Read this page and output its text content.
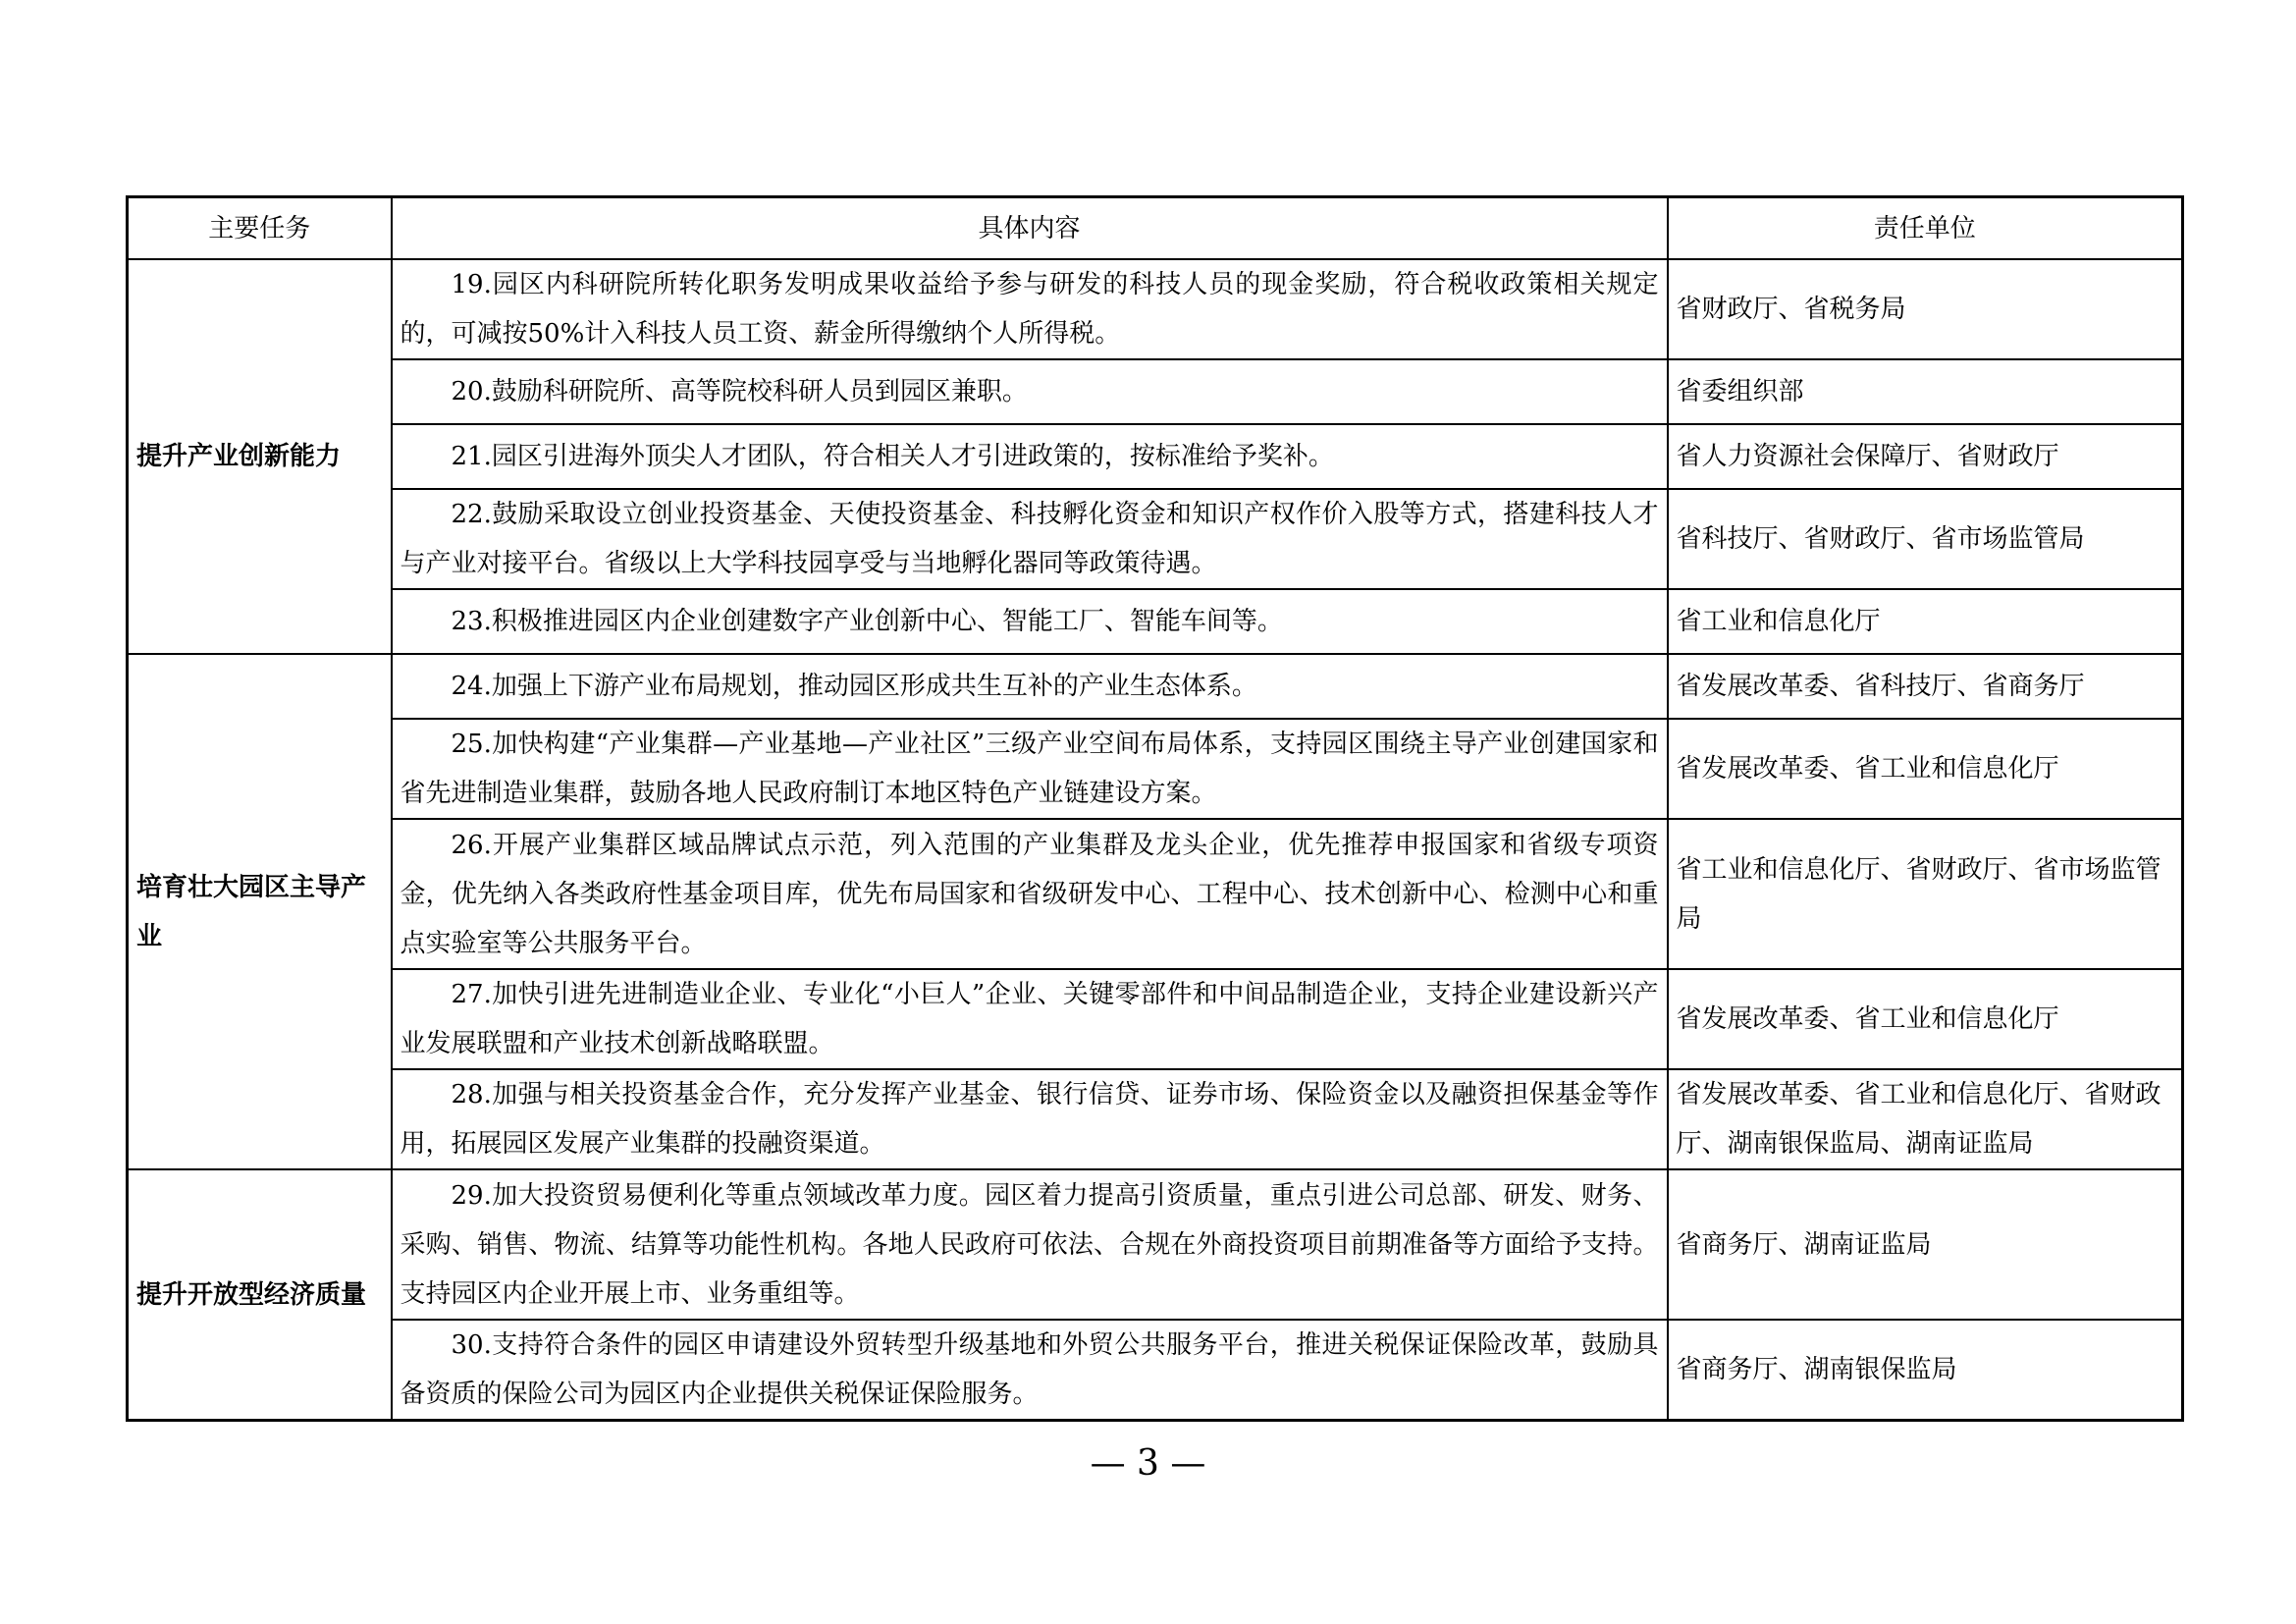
主要任务	具体内容	责任单位
提升产业创新能力	19.园区内科研院所转化职务发明成果收益给予参与研发的科技人员的现金奖励，符合税收政策相关规定的，可减按50%计入科技人员工资、薪金所得缴纳个人所得税。	省财政厅、省税务局
	20.鼓励科研院所、高等院校科研人员到园区兼职。	省委组织部
	21.园区引进海外顶尖人才团队，符合相关人才引进政策的，按标准给予奖补。	省人力资源社会保障厅、省财政厅
	22.鼓励采取设立创业投资基金、天使投资基金、科技孵化资金和知识产权作价入股等方式，搭建科技人才与产业对接平台。省级以上大学科技园享受与当地孵化器同等政策待遇。	省科技厅、省财政厅、省市场监管局
	23.积极推进园区内企业创建数字产业创新中心、智能工厂、智能车间等。	省工业和信息化厅
培育壮大园区主导产业	24.加强上下游产业布局规划，推动园区形成共生互补的产业生态体系。	省发展改革委、省科技厅、省商务厅
	25.加快构建“产业集群—产业基地—产业社区”三级产业空间布局体系，支持园区围绕主导产业创建国家和省先进制造业集群，鼓励各地人民政府制订本地区特色产业链建设方案。	省发展改革委、省工业和信息化厅
	26.开展产业集群区域品牌试点示范，列入范围的产业集群及龙头企业，优先推荐申报国家和省级专项资金，优先纳入各类政府性基金项目库，优先布局国家和省级研发中心、工程中心、技术创新中心、检测中心和重点实验室等公共服务平台。	省工业和信息化厅、省财政厅、省市场监管局
	27.加快引进先进制造业企业、专业化“小巨人”企业、关键零部件和中间品制造企业，支持企业建设新兴产业发展联盟和产业技术创新战略联盟。	省发展改革委、省工业和信息化厅
	28.加强与相关投资基金合作，充分发挥产业基金、银行信贷、证券市场、保险资金以及融资担保基金等作用，拓展园区发展产业集群的投融资渠道。	省发展改革委、省工业和信息化厅、省财政厅、湖南银保监局、湖南证监局
提升开放型经济质量	29.加大投资贸易便利化等重点领域改革力度。园区着力提高引资质量，重点引进公司总部、研发、财务、采购、销售、物流、结算等功能性机构。各地人民政府可依法、合规在外商投资项目前期准备等方面给予支持。支持园区内企业开展上市、业务重组等。	省商务厅、湖南证监局
	30.支持符合条件的园区申请建设外贸转型升级基地和外贸公共服务平台，推进关税保证保险改革，鼓励具备资质的保险公司为园区内企业提供关税保证保险服务。	省商务厅、湖南银保监局
— 3 —
